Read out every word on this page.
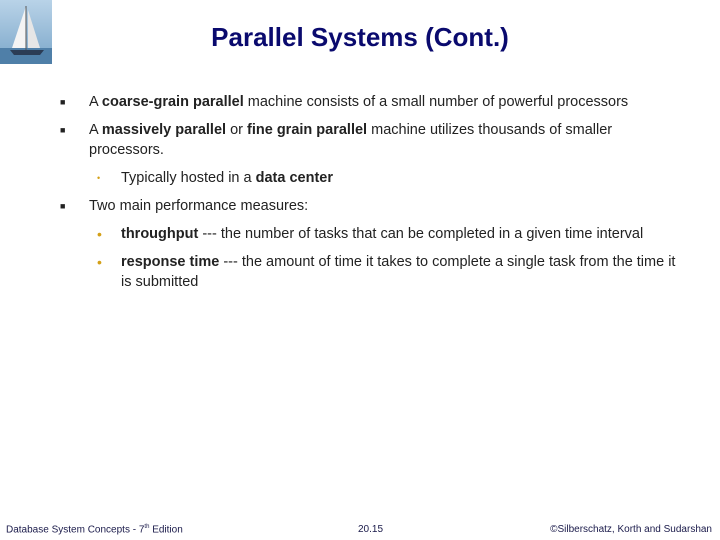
Parallel Systems (Cont.)
■ A coarse-grain parallel machine consists of a small number of powerful processors
■ A massively parallel or fine grain parallel machine utilizes thousands of smaller processors.
• Typically hosted in a data center
■ Two main performance measures:
• throughput --- the number of tasks that can be completed in a given time interval
• response time --- the amount of time it takes to complete a single task from the time it is submitted
Database System Concepts - 7th Edition	20.15	©Silberschatz, Korth and Sudarshan
